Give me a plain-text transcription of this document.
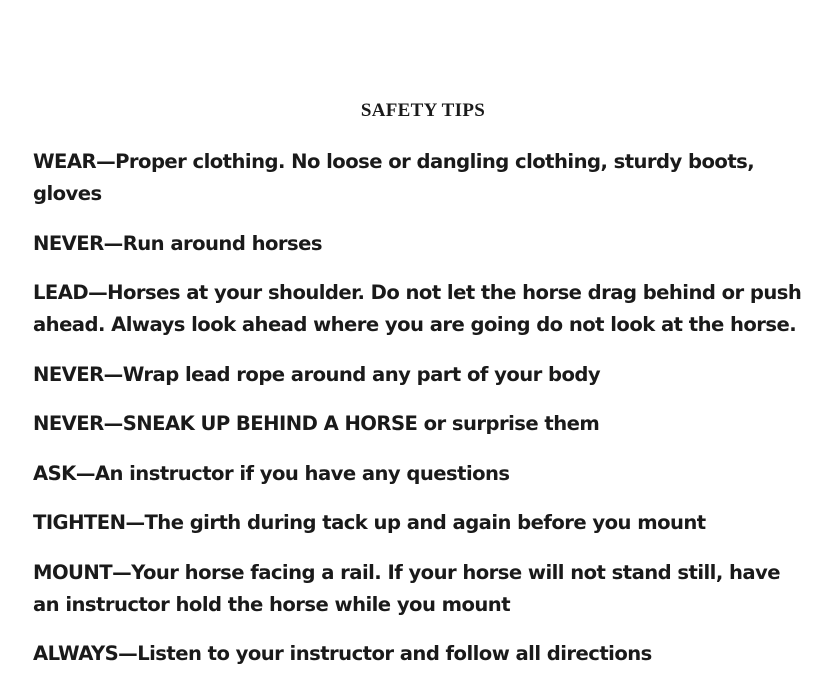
SAFETY TIPS
WEAR — Proper clothing. No loose or dangling clothing, sturdy boots, gloves
NEVER — Run around horses
LEAD — Horses at your shoulder. Do not let the horse drag behind or push ahead. Always look ahead where you are going do not look at the horse.
NEVER — Wrap lead rope around any part of your body
NEVER — SNEAK UP BEHIND A HORSE or surprise them
ASK — An instructor if you have any questions
TIGHTEN — The girth during tack up and again before you mount
MOUNT — Your horse facing a rail. If your horse will not stand still, have an instructor hold the horse while you mount
ALWAYS — Listen to your instructor and follow all directions
